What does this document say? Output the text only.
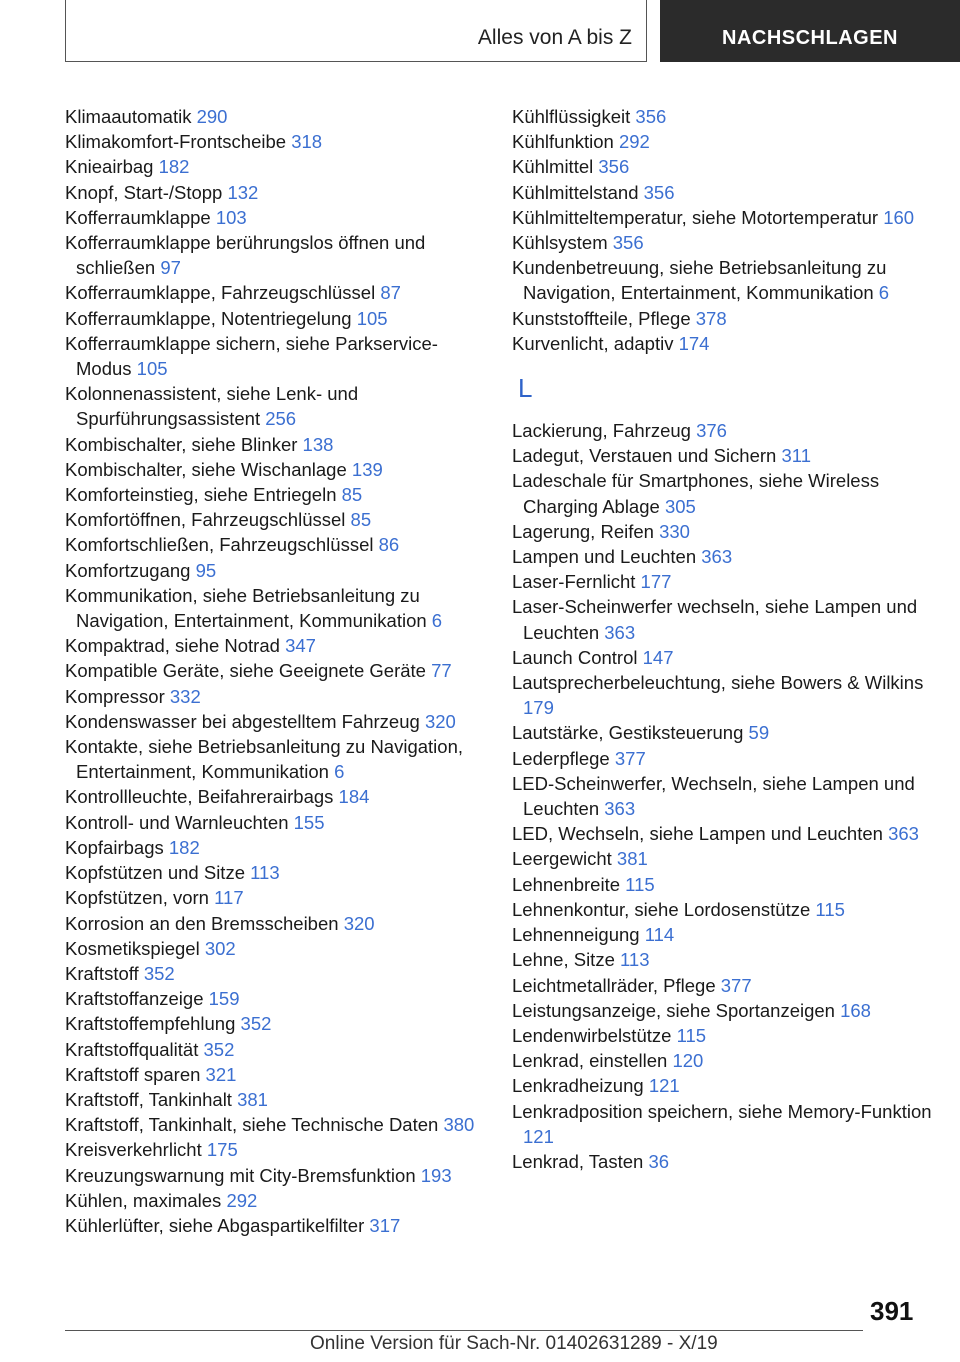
Alles von A bis Z	NACHSCHLAGEN
Klimaautomatik 290
Klimakomfort-Frontscheibe 318
Knieairbag 182
Knopf, Start-/Stopp 132
Kofferraumklappe 103
Kofferraumklappe berührungslos öffnen und schließen 97
Kofferraumklappe, Fahrzeugschlüssel 87
Kofferraumklappe, Notentriegelung 105
Kofferraumklappe sichern, siehe Parkservice-Modus 105
Kolonnenassistent, siehe Lenk- und Spurführungsassistent 256
Kombischalter, siehe Blinker 138
Kombischalter, siehe Wischanlage 139
Komforteinstieg, siehe Entriegeln 85
Komfortöffnen, Fahrzeugschlüssel 85
Komfortschließen, Fahrzeugschlüssel 86
Komfortzugang 95
Kommunikation, siehe Betriebsanleitung zu Navigation, Entertainment, Kommunikation 6
Kompaktrad, siehe Notrad 347
Kompatible Geräte, siehe Geeignete Geräte 77
Kompressor 332
Kondenswasser bei abgestelltem Fahrzeug 320
Kontakte, siehe Betriebsanleitung zu Navigation, Entertainment, Kommunikation 6
Kontrollleuchte, Beifahrerairbags 184
Kontroll- und Warnleuchten 155
Kopfairbags 182
Kopfstützen und Sitze 113
Kopfstützen, vorn 117
Korrosion an den Bremsscheiben 320
Kosmetikspiegel 302
Kraftstoff 352
Kraftstoffanzeige 159
Kraftstoffempfehlung 352
Kraftstoffqualität 352
Kraftstoff sparen 321
Kraftstoff, Tankinhalt 381
Kraftstoff, Tankinhalt, siehe Technische Daten 380
Kreisverkehrlicht 175
Kreuzungswarnung mit City-Bremsfunktion 193
Kühlen, maximales 292
Kühlerlüfter, siehe Abgaspartikelfilter 317
Kühlflüssigkeit 356
Kühlfunktion 292
Kühlmittel 356
Kühlmittelstand 356
Kühlmitteltemperatur, siehe Motortemperatur 160
Kühlsystem 356
Kundenbetreuung, siehe Betriebsanleitung zu Navigation, Entertainment, Kommunikation 6
Kunststoffteile, Pflege 378
Kurvenlicht, adaptiv 174
L
Lackierung, Fahrzeug 376
Ladegut, Verstauen und Sichern 311
Ladeschale für Smartphones, siehe Wireless Charging Ablage 305
Lagerung, Reifen 330
Lampen und Leuchten 363
Laser-Fernlicht 177
Laser-Scheinwerfer wechseln, siehe Lampen und Leuchten 363
Launch Control 147
Lautsprecherbeleuchtung, siehe Bowers & Wilkins 179
Lautstärke, Gestiksteuerung 59
Lederpflege 377
LED-Scheinwerfer, Wechseln, siehe Lampen und Leuchten 363
LED, Wechseln, siehe Lampen und Leuchten 363
Leergewicht 381
Lehnenbreite 115
Lehnenkontur, siehe Lordosenstütze 115
Lehnenneigung 114
Lehne, Sitze 113
Leichtmetallräder, Pflege 377
Leistungsanzeige, siehe Sportanzeigen 168
Lendenwirbelstütze 115
Lenkrad, einstellen 120
Lenkradheizung 121
Lenkradposition speichern, siehe Memory-Funktion 121
Lenkrad, Tasten 36
391
Online Version für Sach-Nr. 01402631289 - X/19
